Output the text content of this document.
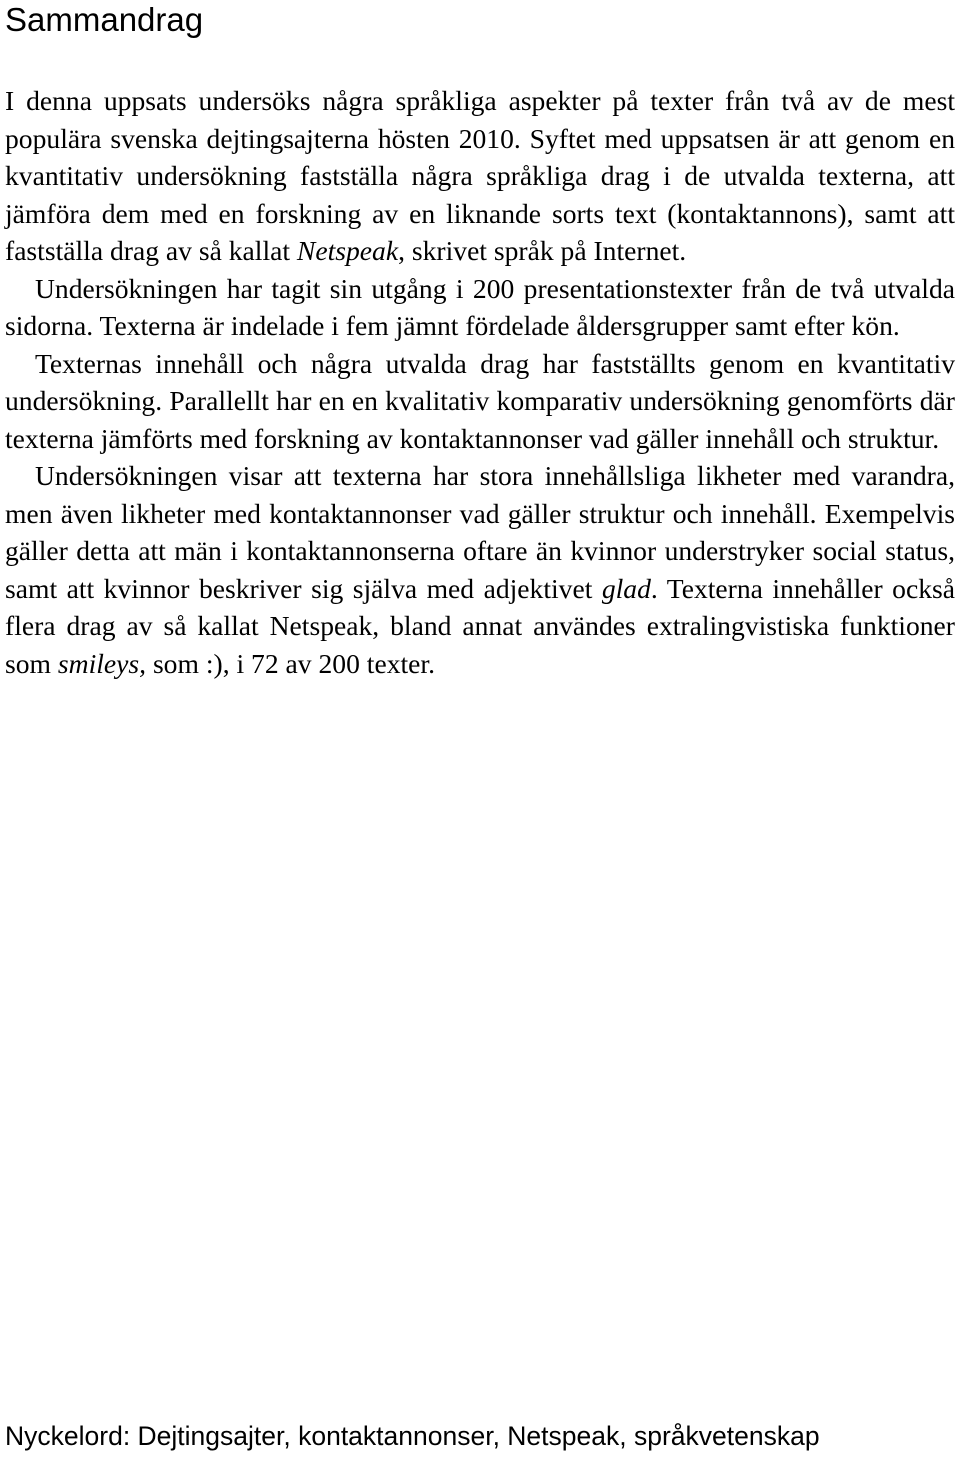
Sammandrag

I denna uppsats undersöks några språkliga aspekter på texter från två av de mest populära svenska dejtingsajterna hösten 2010. Syftet med uppsatsen är att genom en kvantitativ undersökning fastställa några språkliga drag i de utvalda texterna, att jämföra dem med en forskning av en liknande sorts text (kontaktannons), samt att fastställa drag av så kallat Netspeak, skrivet språk på Internet.

Undersökningen har tagit sin utgång i 200 presentationstexter från de två utvalda sidorna. Texterna är indelade i fem jämnt fördelade åldersgrupper samt efter kön.

Texternas innehåll och några utvalda drag har fastställts genom en kvantitativ undersökning. Parallellt har en en kvalitativ komparativ undersökning genomförts där texterna jämförts med forskning av kontaktannonser vad gäller innehåll och struktur.

Undersökningen visar att texterna har stora innehållsliga likheter med varandra, men även likheter med kontaktannonser vad gäller struktur och innehåll. Exempelvis gäller detta att män i kontaktannonserna oftare än kvinnor understryker social status, samt att kvinnor beskriver sig själva med adjektivet glad. Texterna innehåller också flera drag av så kallat Netspeak, bland annat användes extralingvistiska funktioner som smileys, som :), i 72 av 200 texter.

Nyckelord: Dejtingsajter, kontaktannonser, Netspeak, språkvetenskap
